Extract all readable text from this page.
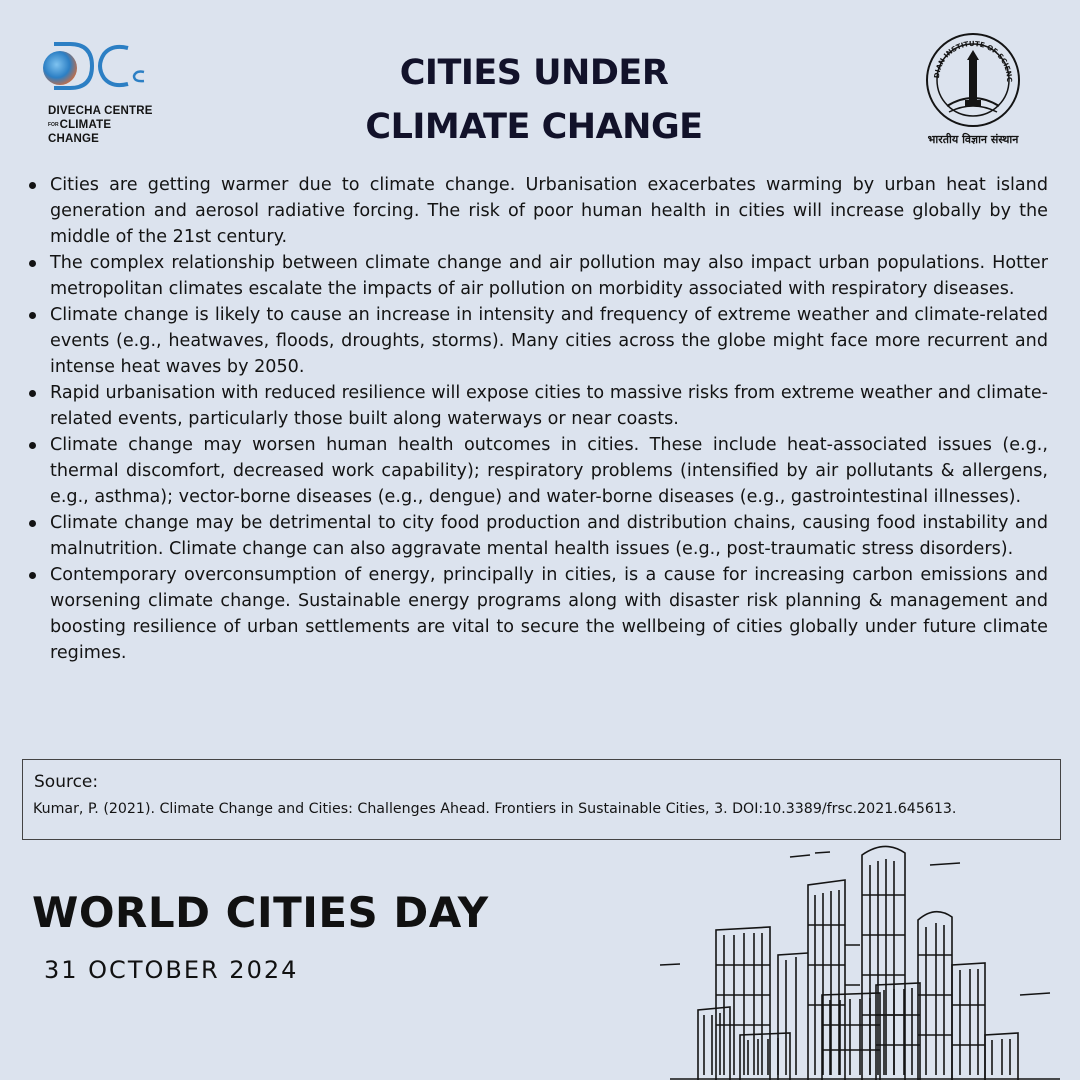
DIVECHA CENTRE
FORCLIMATE CHANGE
CITIES UNDER
CLIMATE CHANGE
DIAN INSTITUTE OF SCIENC
भारतीय विज्ञान संस्थान
Cities are getting warmer due to climate change. Urbanisation exacerbates warming by urban heat island generation and aerosol radiative forcing. The risk of poor human health in cities will increase globally by the middle of the 21st century.
The complex relationship between climate change and air pollution may also impact urban populations. Hotter metropolitan climates escalate the impacts of air pollution on morbidity associated with respiratory diseases.
Climate change is likely to cause an increase in intensity and frequency of extreme weather and climate-related events (e.g., heatwaves, floods, droughts, storms). Many cities across the globe might face more recurrent and intense heat waves by 2050.
Rapid urbanisation with reduced resilience will expose cities to massive risks from extreme weather and climate-related events, particularly those built along waterways or near coasts.
Climate change may worsen human health outcomes in cities. These include heat-associated issues (e.g., thermal discomfort, decreased work capability); respiratory problems (intensified by air pollutants & allergens, e.g., asthma); vector-borne diseases (e.g., dengue) and water-borne diseases (e.g., gastrointestinal illnesses).
Climate change may be detrimental to city food production and distribution chains, causing food instability and malnutrition. Climate change can also aggravate mental health issues (e.g., post-traumatic stress disorders).
Contemporary overconsumption of energy, principally in cities, is a cause for increasing carbon emissions and worsening climate change. Sustainable energy programs along with disaster risk planning & management and boosting resilience of urban settlements are vital to secure the wellbeing of cities globally under future climate regimes.
Source:
Kumar, P. (2021). Climate Change and Cities: Challenges Ahead. Frontiers in Sustainable Cities, 3. DOI:10.3389/frsc.2021.645613.
WORLD CITIES DAY
31 OCTOBER 2024
